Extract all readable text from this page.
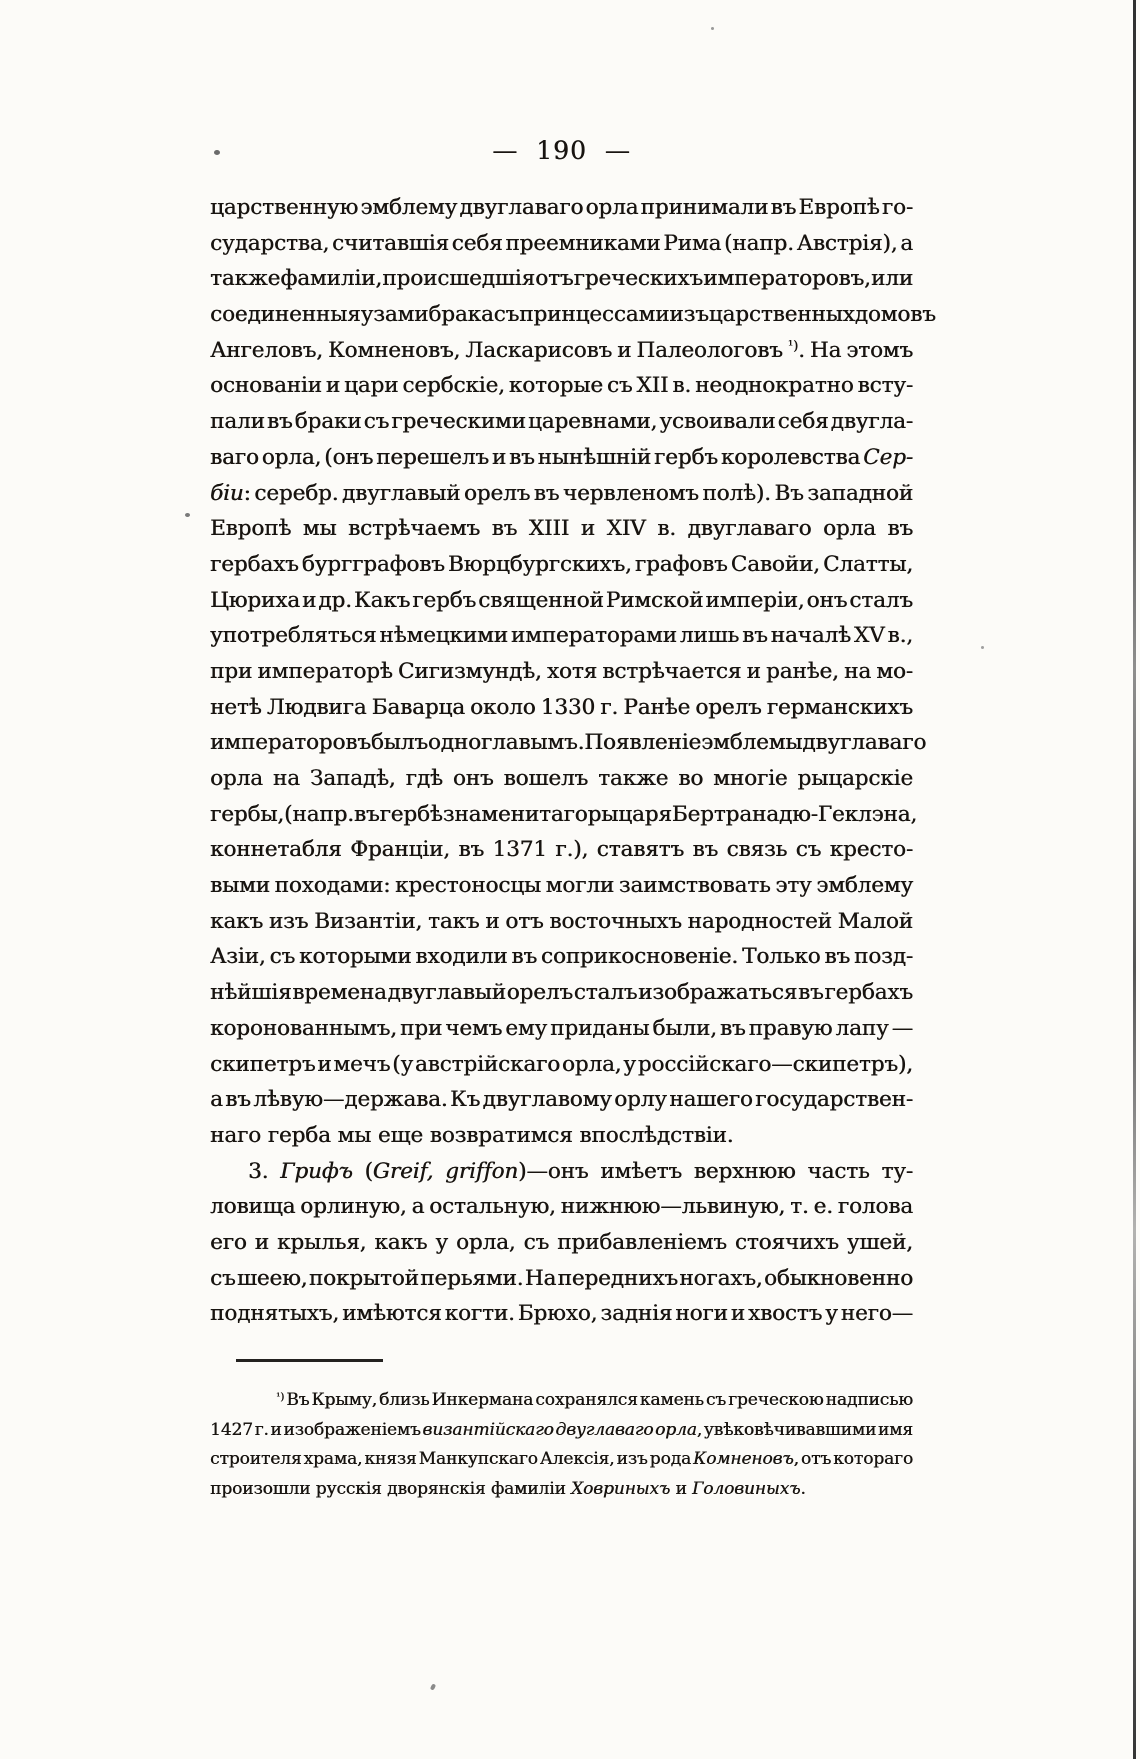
— 190 —
царственную эмблему двуглаваго орла принимали въ Европѣ го-
сударства, считавшія себя преемниками Рима (напр. Австрія), а
также фамиліи, происшедшія отъ греческихъ императоровъ, или
соединенныя узами брака съ принцессами изъ царственных домовъ
Ангеловъ, Комненовъ, Ласкарисовъ и Палеологовъ $^{^1)}$. На этомъ
основаніи и цари сербскіе, которые съ XII в. неоднократно всту-
пали въ браки съ греческими царевнами, усвоивали себя двугла-
ваго орла, (онъ перешелъ и въ нынѣшній гербъ королевства Сер-
біи: серебр. двуглавый орелъ въ червленомъ полѣ). Въ западной
Европѣ мы встрѣчаемъ въ XIII и XIV в. двуглаваго орла въ
гербахъ бургграфовъ Вюрцбургскихъ, графовъ Савойи, Слатты,
Цюриха и др. Какъ гербъ священной Римской имперіи, онъ сталъ
употребляться нѣмецкими императорами лишь въ началѣ XV в.,
при императорѣ Сигизмундѣ, хотя встрѣчается и ранѣе, на мо-
нетѣ Людвига Баварца около 1330 г. Ранѣе орелъ германскихъ
императоровъ былъ одноглавымъ. Появленіе эмблемы двуглаваго
орла на Западѣ, гдѣ онъ вошелъ также во многіе рыцарскіе
гербы, (напр. въ гербѣ знаменитаго рыцаря Бертрана дю-Геклэна,
коннетабля Франціи, въ 1371 г.), ставятъ въ связь съ кресто-
выми походами: крестоносцы могли заимствовать эту эмблему
какъ изъ Византіи, такъ и отъ восточныхъ народностей Малой
Азіи, съ которыми входили въ соприкосновеніе. Только въ позд-
нѣйшія времена двуглавый орелъ сталъ изображаться въ гербахъ
коронованнымъ, при чемъ ему приданы были, въ правую лапу —
скипетръ и мечъ (у австрійскаго орла, у россійскаго—скипетръ),
а въ лѣвую—держава. Къ двуглавому орлу нашего государствен-
наго герба мы еще возвратимся впослѣдствіи.
3. Грифъ (Greif, griffon)—онъ имѣетъ верхнюю часть ту-
ловища орлиную, а остальную, нижнюю—львиную, т. е. голова
его и крылья, какъ у орла, съ прибавленіемъ стоячихъ ушей,
съ шеею, покрытой перьями. На переднихъ ногахъ, обыкновенно
поднятыхъ, имѣются когти. Брюхо, заднія ноги и хвостъ у него—
$^{^1)}$ Въ Крыму, близь Инкермана сохранялся камень съ греческою надписью
1427 г. и изображеніемъ византійскаго двуглаваго орла, увѣковѣчивавшими имя
строителя храма, князя Манкупскаго Алексія, изъ рода Комненовъ, отъ котораго
произошли русскія дворянскія фамиліи Ховриныхъ и Головиныхъ.
